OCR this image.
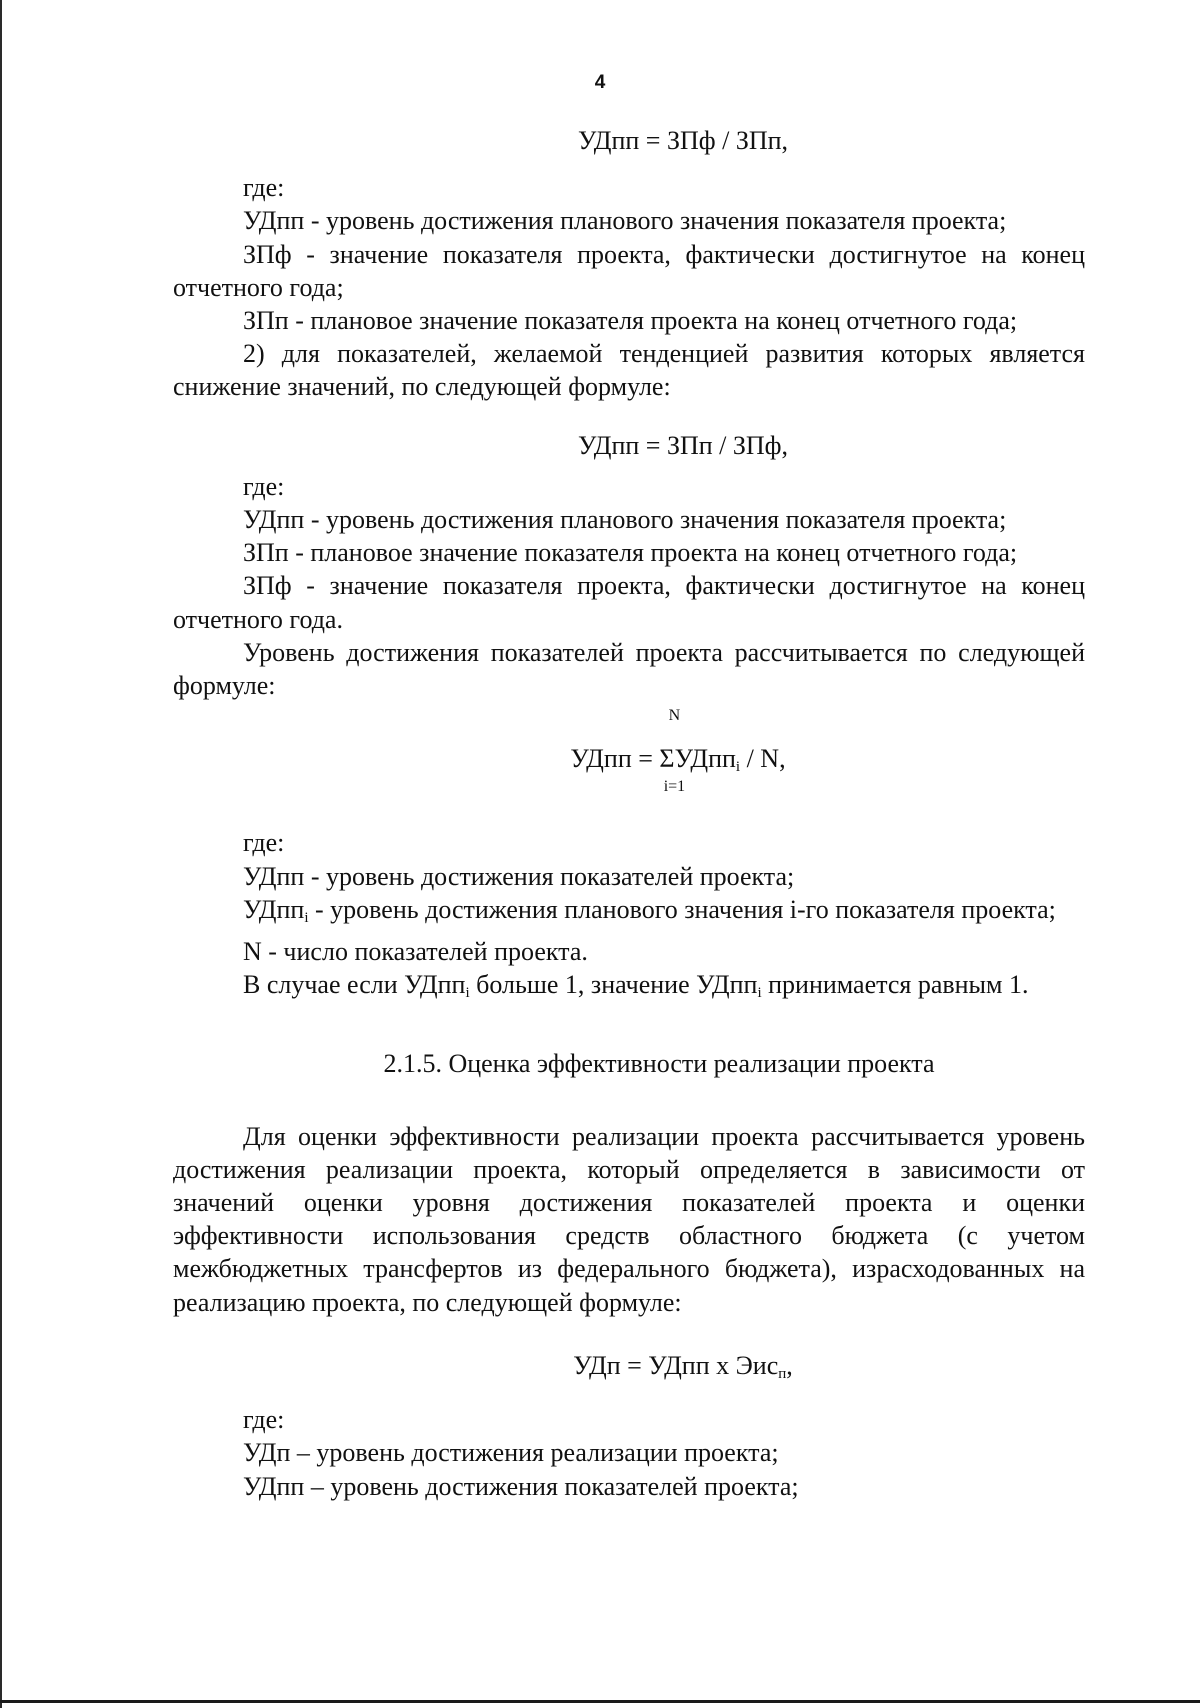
4
УДпп = ЗПф / ЗПп,
где:
УДпп - уровень достижения планового значения показателя проекта;
ЗПф - значение показателя проекта, фактически достигнутое на конец отчетного года;
ЗПп - плановое значение показателя проекта на конец отчетного года;
2) для показателей, желаемой тенденцией развития которых является снижение значений, по следующей формуле:
УДпп = ЗПп / ЗПф,
где:
УДпп - уровень достижения планового значения показателя проекта;
ЗПп - плановое значение показателя проекта на конец отчетного года;
ЗПф - значение показателя проекта, фактически достигнутое на конец отчетного года.
Уровень достижения показателей проекта рассчитывается по следующей формуле:
УДпп =
N
Σ
i=1
УДпп$_i$ / N,
где:
УДпп - уровень достижения показателей проекта;
УДпп$_i$ - уровень достижения планового значения i-го показателя проекта;
N - число показателей проекта.
В случае если УДпп$_i$ больше 1, значение УДпп$_i$ принимается равным 1.
2.1.5. Оценка эффективности реализации проекта
Для оценки эффективности реализации проекта рассчитывается уровень достижения реализации проекта, который определяется в зависимости от значений оценки уровня достижения показателей проекта и оценки эффективности использования средств областного бюджета (с учетом межбюджетных трансфертов из федерального бюджета), израсходованных на реализацию проекта, по следующей формуле:
УДп = УДпп х Эис$_п$,
где:
УДп – уровень достижения реализации проекта;
УДпп – уровень достижения показателей проекта;
